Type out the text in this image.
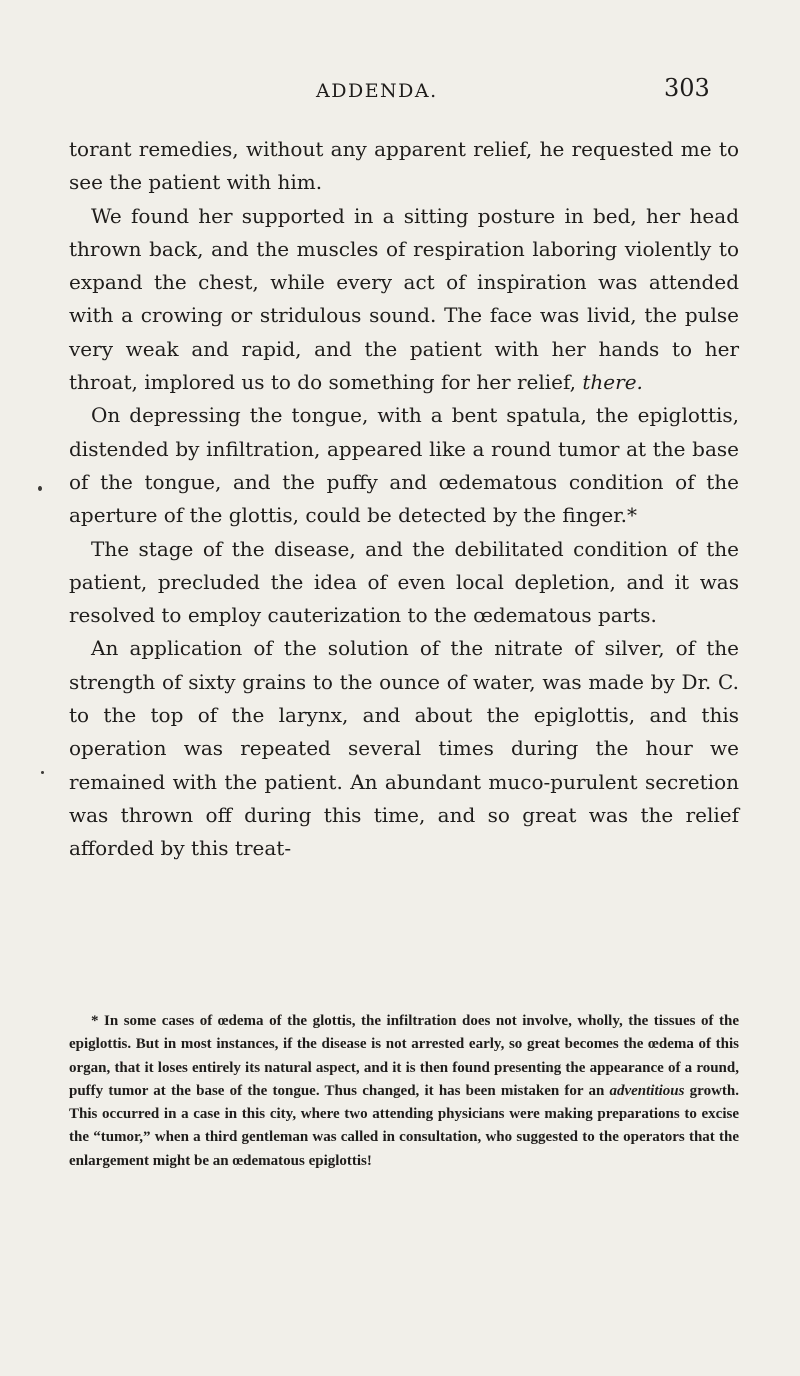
ADDENDA.	303

torant remedies, without any apparent relief, he requested me to see the patient with him.

We found her supported in a sitting posture in bed, her head thrown back, and the muscles of respiration laboring violently to expand the chest, while every act of inspiration was attended with a crowing or stridulous sound. The face was livid, the pulse very weak and rapid, and the patient with her hands to her throat, implored us to do something for her relief, there.

On depressing the tongue, with a bent spatula, the epiglottis, distended by infiltration, appeared like a round tumor at the base of the tongue, and the puffy and œdematous condition of the aperture of the glottis, could be detected by the finger.*

The stage of the disease, and the debilitated condition of the patient, precluded the idea of even local depletion, and it was resolved to employ cauterization to the œdematous parts.

An application of the solution of the nitrate of silver, of the strength of sixty grains to the ounce of water, was made by Dr. C. to the top of the larynx, and about the epiglottis, and this operation was repeated several times during the hour we remained with the patient. An abundant muco-purulent secretion was thrown off during this time, and so great was the relief afforded by this treat-

* In some cases of œdema of the glottis, the infiltration does not involve, wholly, the tissues of the epiglottis. But in most instances, if the disease is not arrested early, so great becomes the œdema of this organ, that it loses entirely its natural aspect, and it is then found presenting the appearance of a round, puffy tumor at the base of the tongue. Thus changed, it has been mistaken for an adventitious growth. This occurred in a case in this city, where two attending physicians were making preparations to excise the “tumor,” when a third gentleman was called in consultation, who suggested to the operators that the enlargement might be an œdematous epiglottis!
